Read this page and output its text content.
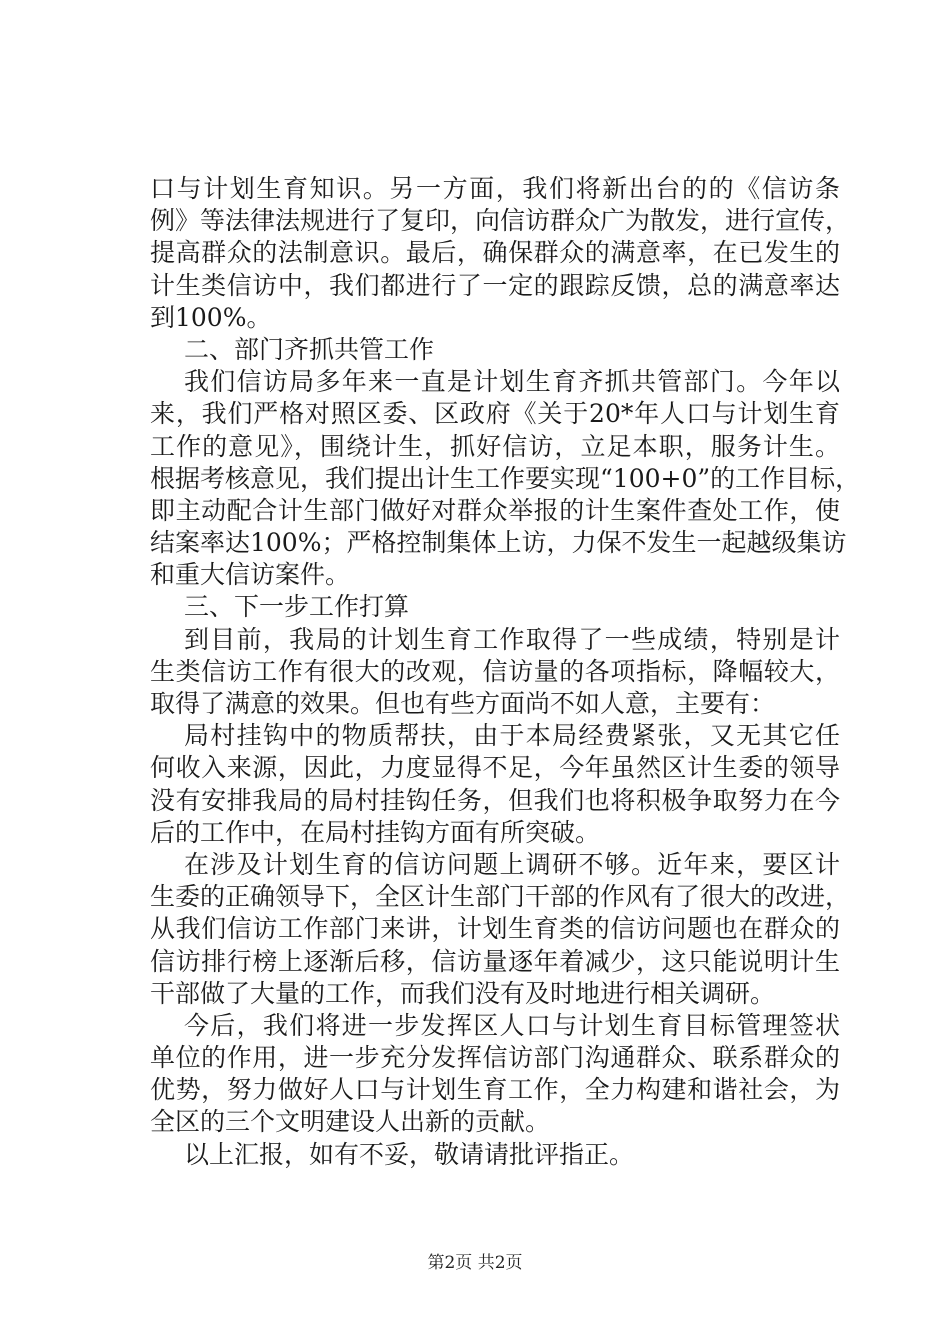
口与计划生育知识。另一方面，我们将新出台的的《信访条
例》等法律法规进行了复印，向信访群众广为散发，进行宣传，
提高群众的法制意识。最后，确保群众的满意率，在已发生的
计生类信访中，我们都进行了一定的跟踪反馈，总的满意率达
到100%。
二、部门齐抓共管工作
我们信访局多年来一直是计划生育齐抓共管部门。今年以
来，我们严格对照区委、区政府《关于20*年人口与计划生育
工作的意见》，围绕计生，抓好信访，立足本职，服务计生。
根据考核意见，我们提出计生工作要实现“100+0”的工作目标，
即主动配合计生部门做好对群众举报的计生案件查处工作，使
结案率达100%；严格控制集体上访，力保不发生一起越级集访
和重大信访案件。
三、下一步工作打算
到目前，我局的计划生育工作取得了一些成绩，特别是计
生类信访工作有很大的改观，信访量的各项指标，降幅较大，
取得了满意的效果。但也有些方面尚不如人意，主要有：
局村挂钩中的物质帮扶，由于本局经费紧张，又无其它任
何收入来源，因此，力度显得不足，今年虽然区计生委的领导
没有安排我局的局村挂钩任务，但我们也将积极争取努力在今
后的工作中，在局村挂钩方面有所突破。
在涉及计划生育的信访问题上调研不够。近年来，要区计
生委的正确领导下，全区计生部门干部的作风有了很大的改进，
从我们信访工作部门来讲，计划生育类的信访问题也在群众的
信访排行榜上逐渐后移，信访量逐年着减少，这只能说明计生
干部做了大量的工作，而我们没有及时地进行相关调研。
今后，我们将进一步发挥区人口与计划生育目标管理签状
单位的作用，进一步充分发挥信访部门沟通群众、联系群众的
优势，努力做好人口与计划生育工作，全力构建和谐社会，为
全区的三个文明建设人出新的贡献。
以上汇报，如有不妥，敬请请批评指正。
第2页 共2页
